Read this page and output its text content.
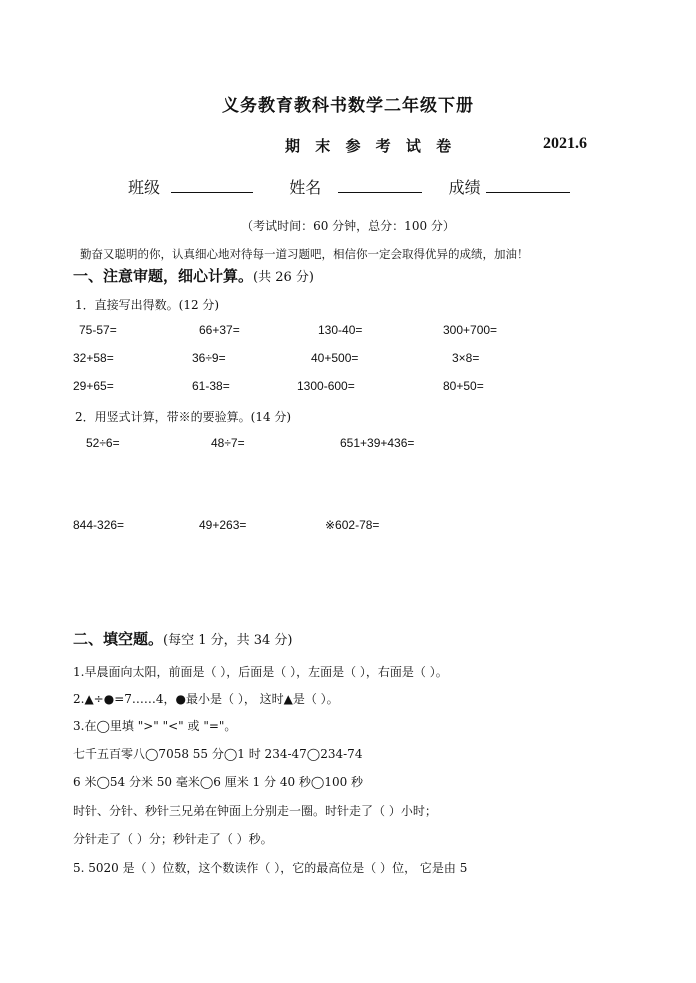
义务教育教科书数学二年级下册
期 末 参 考 试 卷	2021.6
班级	姓名	成绩
（考试时间：60 分钟，总分：100 分）
勤奋又聪明的你，认真细心地对待每一道习题吧，相信你一定会取得优异的成绩，加油！
一、注意审题，细心计算。(共 26 分)
1．直接写出得数。(12 分)
75-57=	66+37=	130-40=	300+700=
32+58=	36÷9=	40+500=	3×8=
29+65=	61-38=	1300-600=	80+50=
2．用竖式计算，带※的要验算。(14 分)
52÷6=	48÷7=	651+39+436=
844-326=	49+263=	※602-78=
二、填空题。(每空 1 分，共 34 分)
1.早晨面向太阳，前面是（ ），后面是（ ），左面是（ ），右面是（ ）。
2.▲÷●=7……4，●最小是（ ）， 这时▲是（ ）。
3.在◯里填 ">" "<" 或 "="。
七千五百零八◯7058 55 分◯1 时 234-47◯234-74
6 米◯54 分米 50 毫米◯6 厘米 1 分 40 秒◯100 秒
时针、分针、秒针三兄弟在钟面上分别走一圈。时针走了（ ）小时；
分针走了（ ）分；秒针走了（ ）秒。
5. 5020 是（ ）位数，这个数读作（ ），它的最高位是（ ）位， 它是由 5
